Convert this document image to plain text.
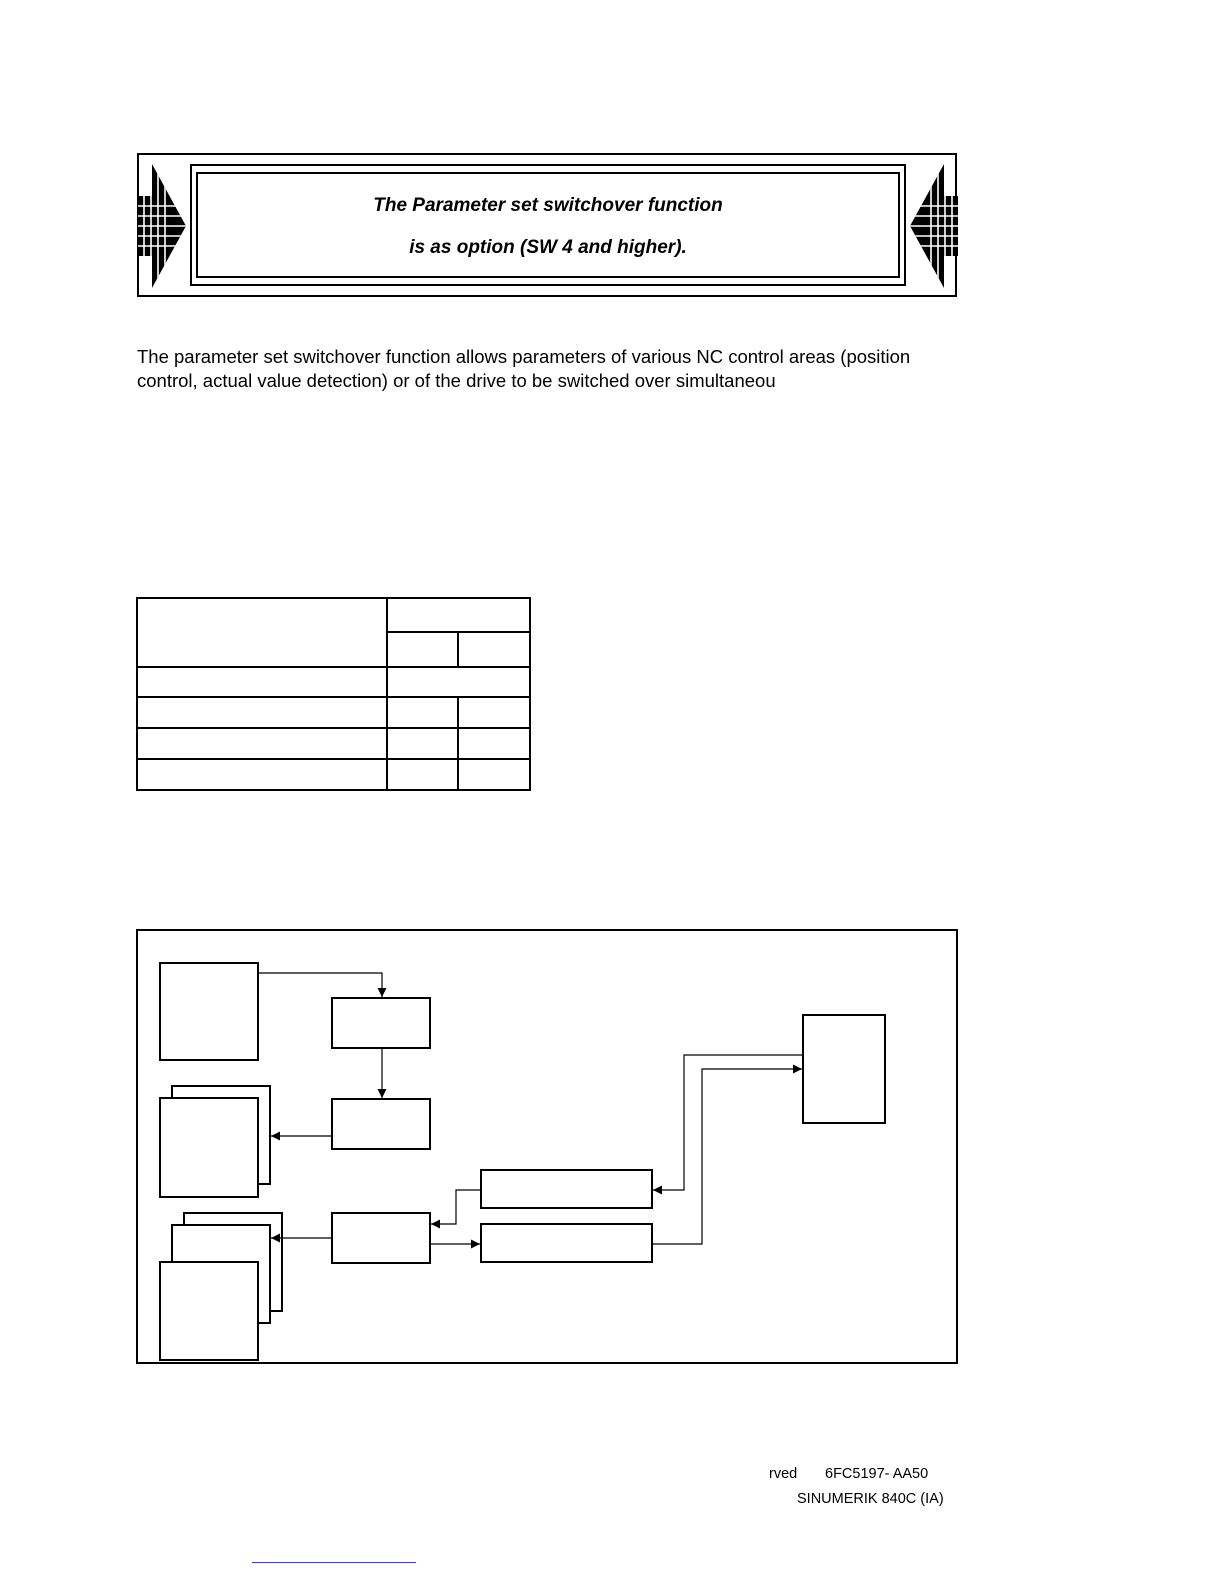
The Parameter set switchover function
is as option (SW 4 and higher).
The parameter set switchover function allows parameters of various NC control areas (position control, actual value detection) or of the drive to be switched over simultaneou
rved 6FC5197- AA50
SINUMERIK 840C (IA)
